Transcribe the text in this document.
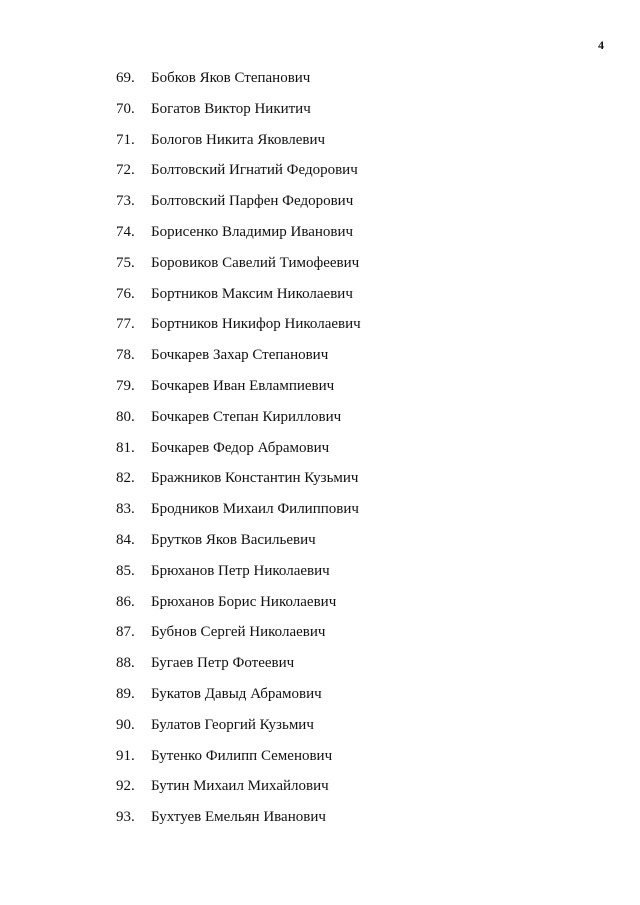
4
69.	Бобков Яков Степанович
70.	Богатов Виктор Никитич
71.	Бологов Никита Яковлевич
72.	Болтовский Игнатий Федорович
73.	Болтовский Парфен Федорович
74.	Борисенко Владимир Иванович
75.	Боровиков Савелий Тимофеевич
76.	Бортников Максим Николаевич
77.	Бортников Никифор Николаевич
78.	Бочкарев Захар Степанович
79.	Бочкарев Иван Евлампиевич
80.	Бочкарев Степан Кириллович
81.	Бочкарев Федор Абрамович
82.	Бражников Константин Кузьмич
83.	Бродников Михаил Филиппович
84.	Брутков Яков Васильевич
85.	Брюханов Петр Николаевич
86.	Брюханов Борис Николаевич
87.	Бубнов Сергей Николаевич
88.	Бугаев Петр Фотеевич
89.	Букатов Давыд Абрамович
90.	Булатов Георгий Кузьмич
91.	Бутенко Филипп Семенович
92.	Бутин Михаил Михайлович
93.	Бухтуев Емельян Иванович
